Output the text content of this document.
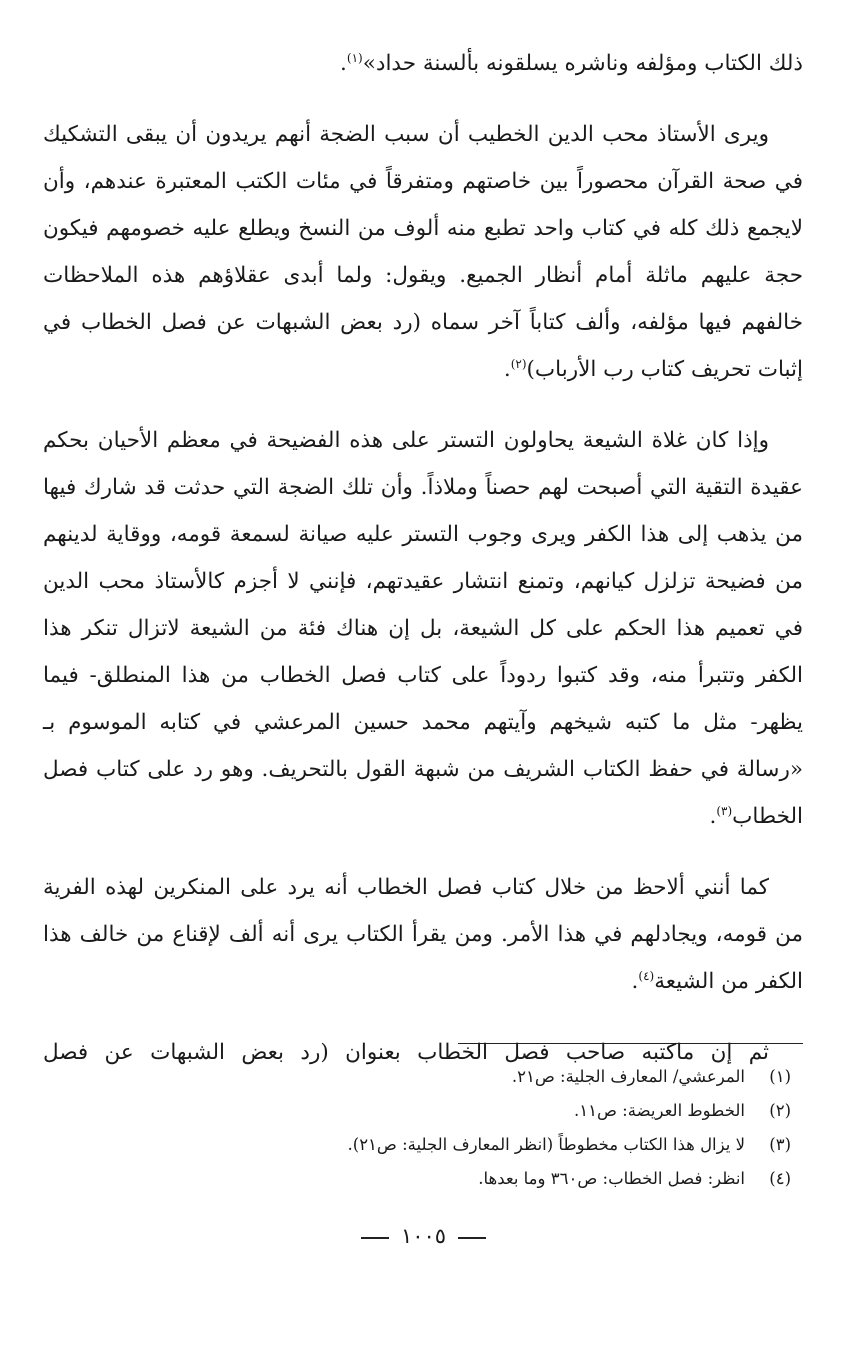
ذلك الكتاب ومؤلفه وناشره يسلقونه بألسنة حداد»$^{(١)}$.

ويرى الأستاذ محب الدين الخطيب أن سبب الضجة أنهم يريدون أن يبقى التشكيك في صحة القرآن محصوراً بين خاصتهم ومتفرقاً في مئات الكتب المعتبرة عندهم، وأن لايجمع ذلك كله في كتاب واحد تطبع منه ألوف من النسخ ويطلع عليه خصومهم فيكون حجة عليهم ماثلة أمام أنظار الجميع. ويقول: ولما أبدى عقلاؤهم هذه الملاحظات خالفهم فيها مؤلفه، وألف كتاباً آخر سماه (رد بعض الشبهات عن فصل الخطاب في إثبات تحريف كتاب رب الأرباب)$^{(٢)}$.

وإذا كان غلاة الشيعة يحاولون التستر على هذه الفضيحة في معظم الأحيان بحكم عقيدة التقية التي أصبحت لهم حصناً وملاذاً. وأن تلك الضجة التي حدثت قد شارك فيها من يذهب إلى هذا الكفر ويرى وجوب التستر عليه صيانة لسمعة قومه، ووقاية لدينهم من فضيحة تزلزل كيانهم، وتمنع انتشار عقيدتهم، فإنني لا أجزم كالأستاذ محب الدين في تعميم هذا الحكم على كل الشيعة، بل إن هناك فئة من الشيعة لاتزال تنكر هذا الكفر وتتبرأ منه، وقد كتبوا ردوداً على كتاب فصل الخطاب من هذا المنطلق- فيما يظهر- مثل ما كتبه شيخهم وآيتهم محمد حسين المرعشي في كتابه الموسوم بـ «رسالة في حفظ الكتاب الشريف من شبهة القول بالتحريف. وهو رد على كتاب فصل الخطاب$^{(٣)}$.

كما أنني ألاحظ من خلال كتاب فصل الخطاب أنه يرد على المنكرين لهذه الفرية من قومه، ويجادلهم في هذا الأمر. ومن يقرأ الكتاب يرى أنه ألف لإقناع من خالف هذا الكفر من الشيعة$^{(٤)}$.

ثم إن ماكتبه صاحب فصل الخطاب بعنوان (رد بعض الشبهات عن فصل

(١)
المرعشي/ المعارف الجلية: ص٢١.
(٢)
الخطوط العريضة: ص١١.
(٣)
لا يزال هذا الكتاب مخطوطاً (انظر المعارف الجلية: ص٢١).
(٤)
انظر: فصل الخطاب: ص٣٦٠ وما بعدها.
١٠٠٥
